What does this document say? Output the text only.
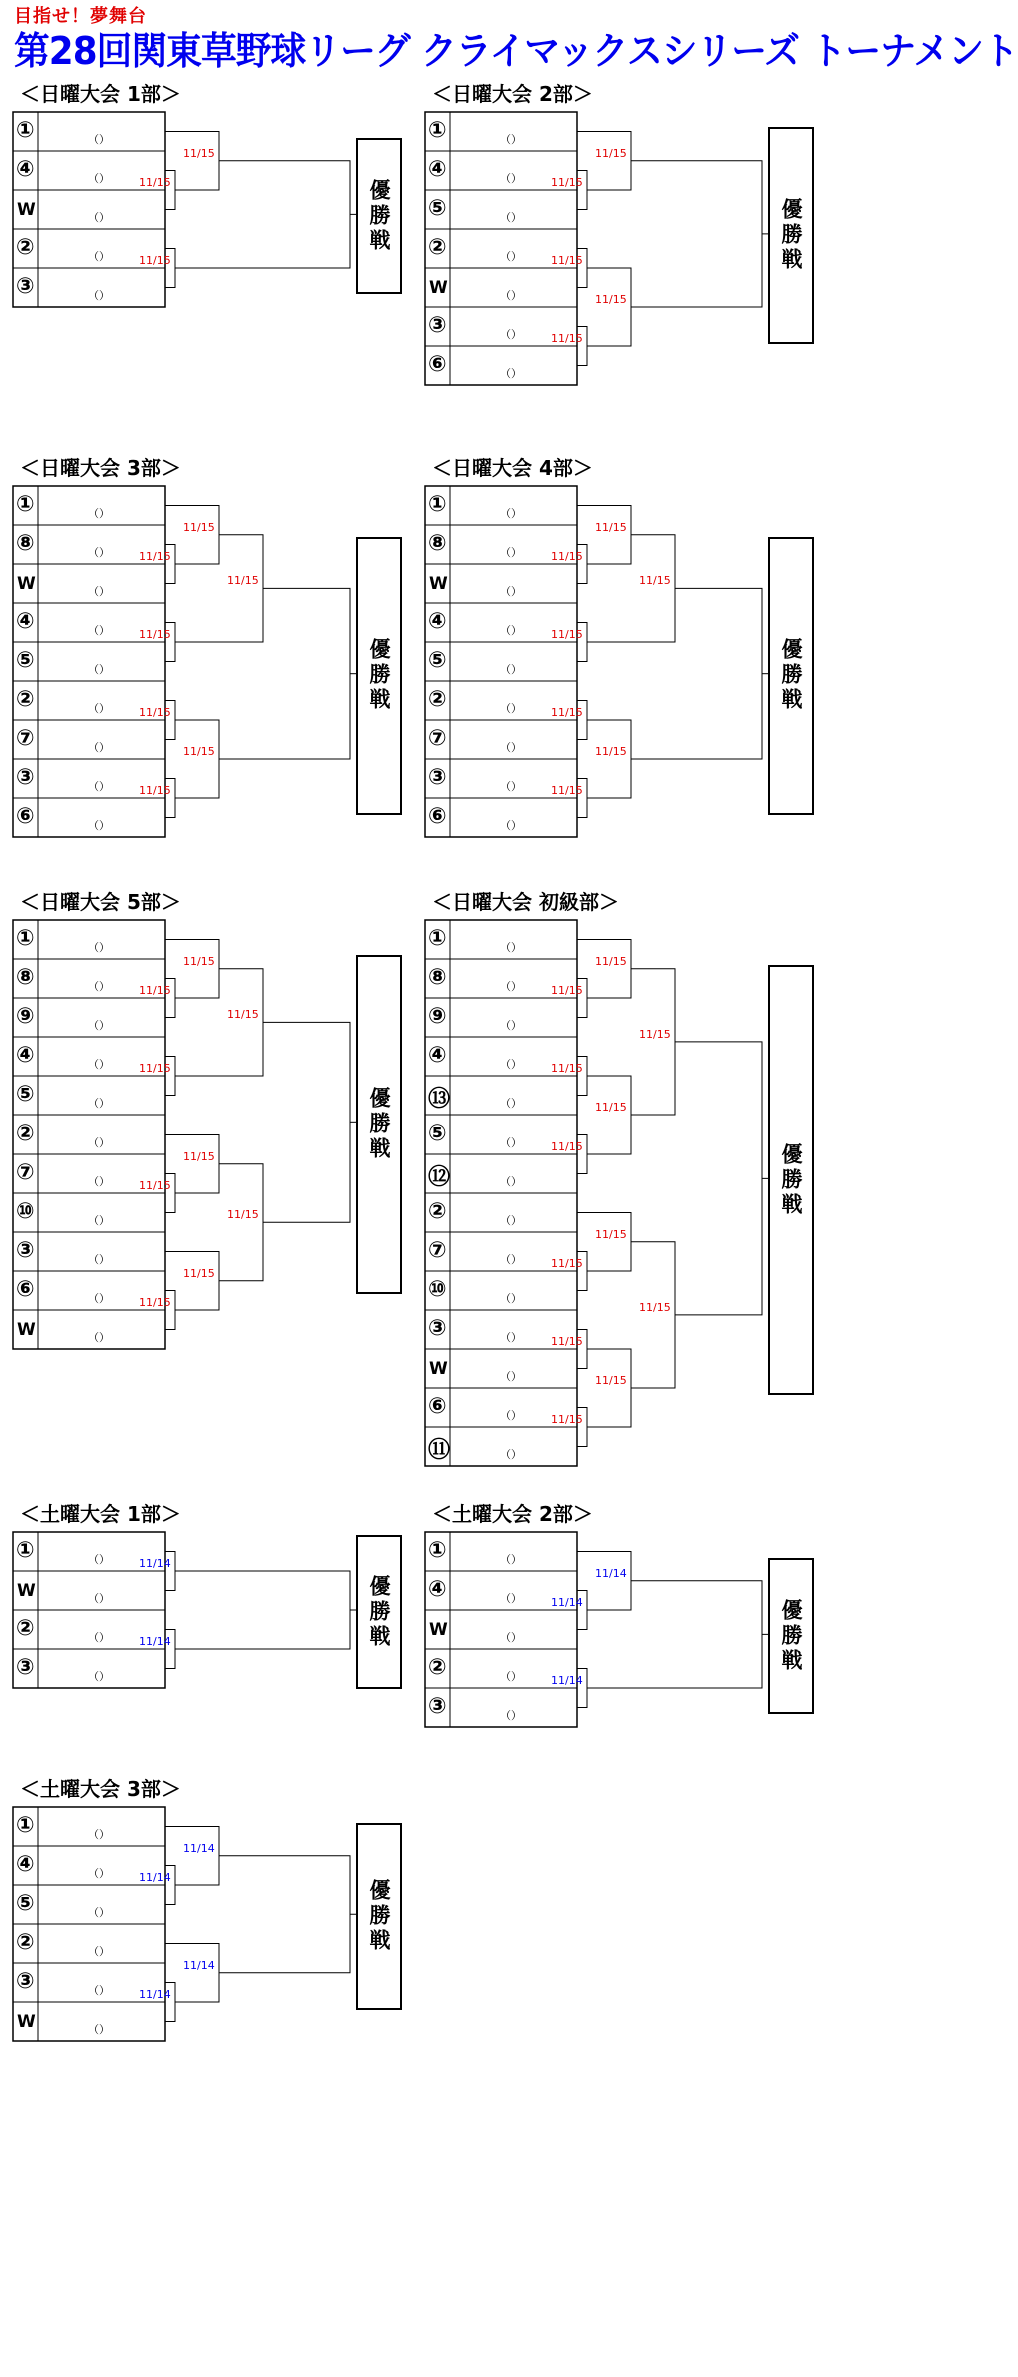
目指せ！夢舞台
第28回関東草野球リーグ クライマックスシリーズ トーナメント
＜日曜大会 1部＞
①	（）
④	（）
W	（）
②	（）
③	（）
11/15
11/15
11/15
優勝戦
＜日曜大会 2部＞
①	（）
④	（）
⑤	（）
②	（）
W	（）
③	（）
⑥	（）
11/15
11/15
11/15
11/15
11/15
優勝戦
＜日曜大会 3部＞
①	（）
⑧	（）
W	（）
④	（）
⑤	（）
②	（）
⑦	（）
③	（）
⑥	（）
11/15
11/15
11/15
11/15
11/15
11/15
11/15
優勝戦
＜日曜大会 4部＞
①	（）
⑧	（）
W	（）
④	（）
⑤	（）
②	（）
⑦	（）
③	（）
⑥	（）
11/15
11/15
11/15
11/15
11/15
11/15
11/15
優勝戦
＜日曜大会 5部＞
①	（）
⑧	（）
⑨	（）
④	（）
⑤	（）
②	（）
⑦	（）
⑩	（）
③	（）
⑥	（）
W	（）
11/15
11/15
11/15
11/15
11/15
11/15
11/15
11/15
11/15
優勝戦
＜日曜大会 初級部＞
①	（）
⑧	（）
⑨	（）
④	（）
⑬	（）
⑤	（）
⑫	（）
②	（）
⑦	（）
⑩	（）
③	（）
W	（）
⑥	（）
⑪	（）
11/15
11/15
11/15
11/15
11/15
11/15
11/15
11/15
11/15
11/15
11/15
11/15
優勝戦
＜土曜大会 1部＞
①	（）
W	（）
②	（）
③	（）
11/14
11/14	優勝戦
＜土曜大会 2部＞
①	（）
④	（）
W	（）
②	（）
③	（）
11/14
11/14
11/14
優勝戦
＜土曜大会 3部＞
①	（）
④	（）
⑤	（）
②	（）
③	（）
W	（）
11/14
11/14
11/14
11/14
優勝戦
